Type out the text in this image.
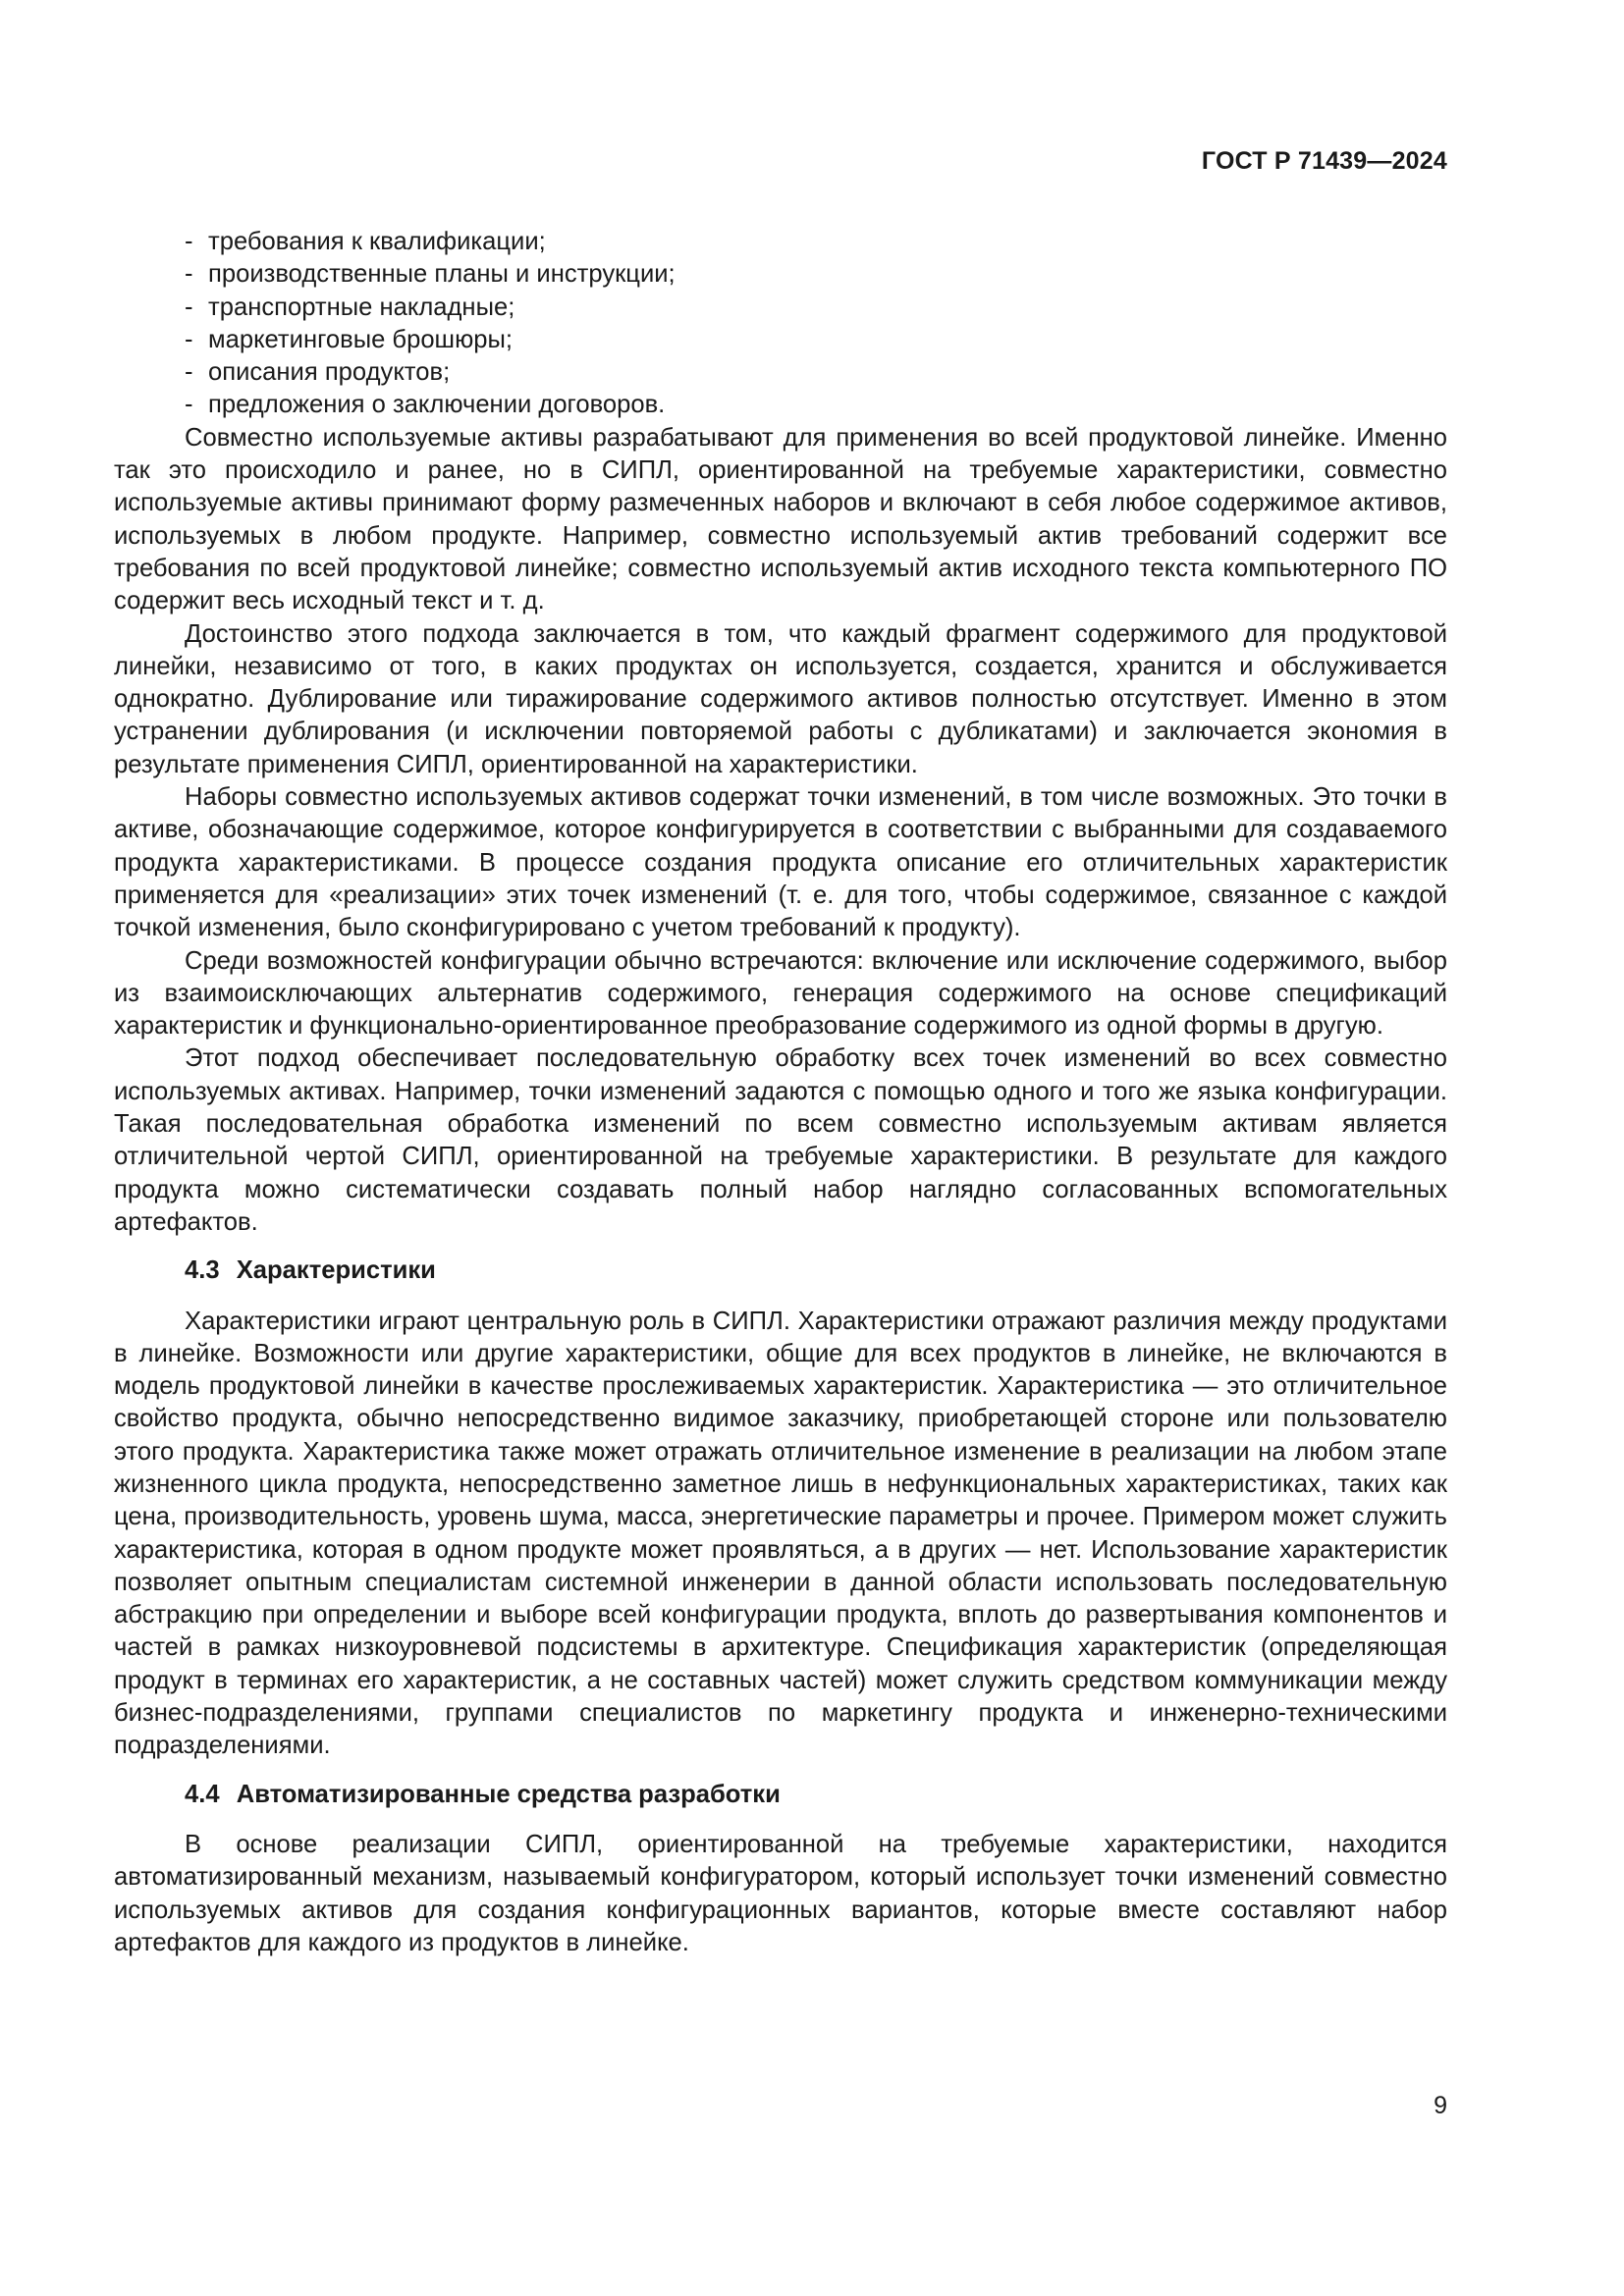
ГОСТ Р 71439—2024
- требования к квалификации;
- производственные планы и инструкции;
- транспортные накладные;
- маркетинговые брошюры;
- описания продуктов;
- предложения о заключении договоров.

Совместно используемые активы разрабатывают для применения во всей продуктовой линейке. Именно так это происходило и ранее, но в СИПЛ, ориентированной на требуемые характеристики, совместно используемые активы принимают форму размеченных наборов и включают в себя любое содержимое активов, используемых в любом продукте. Например, совместно используемый актив требований содержит все требования по всей продуктовой линейке; совместно используемый актив исходного текста компьютерного ПО содержит весь исходный текст и т. д.

Достоинство этого подхода заключается в том, что каждый фрагмент содержимого для продуктовой линейки, независимо от того, в каких продуктах он используется, создается, хранится и обслуживается однократно. Дублирование или тиражирование содержимого активов полностью отсутствует. Именно в этом устранении дублирования (и исключении повторяемой работы с дубликатами) и заключается экономия в результате применения СИПЛ, ориентированной на характеристики.

Наборы совместно используемых активов содержат точки изменений, в том числе возможных. Это точки в активе, обозначающие содержимое, которое конфигурируется в соответствии с выбранными для создаваемого продукта характеристиками. В процессе создания продукта описание его отличительных характеристик применяется для «реализации» этих точек изменений (т. е. для того, чтобы содержимое, связанное с каждой точкой изменения, было сконфигурировано с учетом требований к продукту).

Среди возможностей конфигурации обычно встречаются: включение или исключение содержимого, выбор из взаимоисключающих альтернатив содержимого, генерация содержимого на основе спецификаций характеристик и функционально-ориентированное преобразование содержимого из одной формы в другую.

Этот подход обеспечивает последовательную обработку всех точек изменений во всех совместно используемых активах. Например, точки изменений задаются с помощью одного и того же языка конфигурации. Такая последовательная обработка изменений по всем совместно используемым активам является отличительной чертой СИПЛ, ориентированной на требуемые характеристики. В результате для каждого продукта можно систематически создавать полный набор наглядно согласованных вспомогательных артефактов.

4.3 Характеристики

Характеристики играют центральную роль в СИПЛ. Характеристики отражают различия между продуктами в линейке. Возможности или другие характеристики, общие для всех продуктов в линейке, не включаются в модель продуктовой линейки в качестве прослеживаемых характеристик. Характеристика — это отличительное свойство продукта, обычно непосредственно видимое заказчику, приобретающей стороне или пользователю этого продукта. Характеристика также может отражать отличительное изменение в реализации на любом этапе жизненного цикла продукта, непосредственно заметное лишь в нефункциональных характеристиках, таких как цена, производительность, уровень шума, масса, энергетические параметры и прочее. Примером может служить характеристика, которая в одном продукте может проявляться, а в других — нет. Использование характеристик позволяет опытным специалистам системной инженерии в данной области использовать последовательную абстракцию при определении и выборе всей конфигурации продукта, вплоть до развертывания компонентов и частей в рамках низкоуровневой подсистемы в архитектуре. Спецификация характеристик (определяющая продукт в терминах его характеристик, а не составных частей) может служить средством коммуникации между бизнес-подразделениями, группами специалистов по маркетингу продукта и инженерно-техническими подразделениями.

4.4 Автоматизированные средства разработки

В основе реализации СИПЛ, ориентированной на требуемые характеристики, находится автоматизированный механизм, называемый конфигуратором, который использует точки изменений совместно используемых активов для создания конфигурационных вариантов, которые вместе составляют набор артефактов для каждого из продуктов в линейке.

9
